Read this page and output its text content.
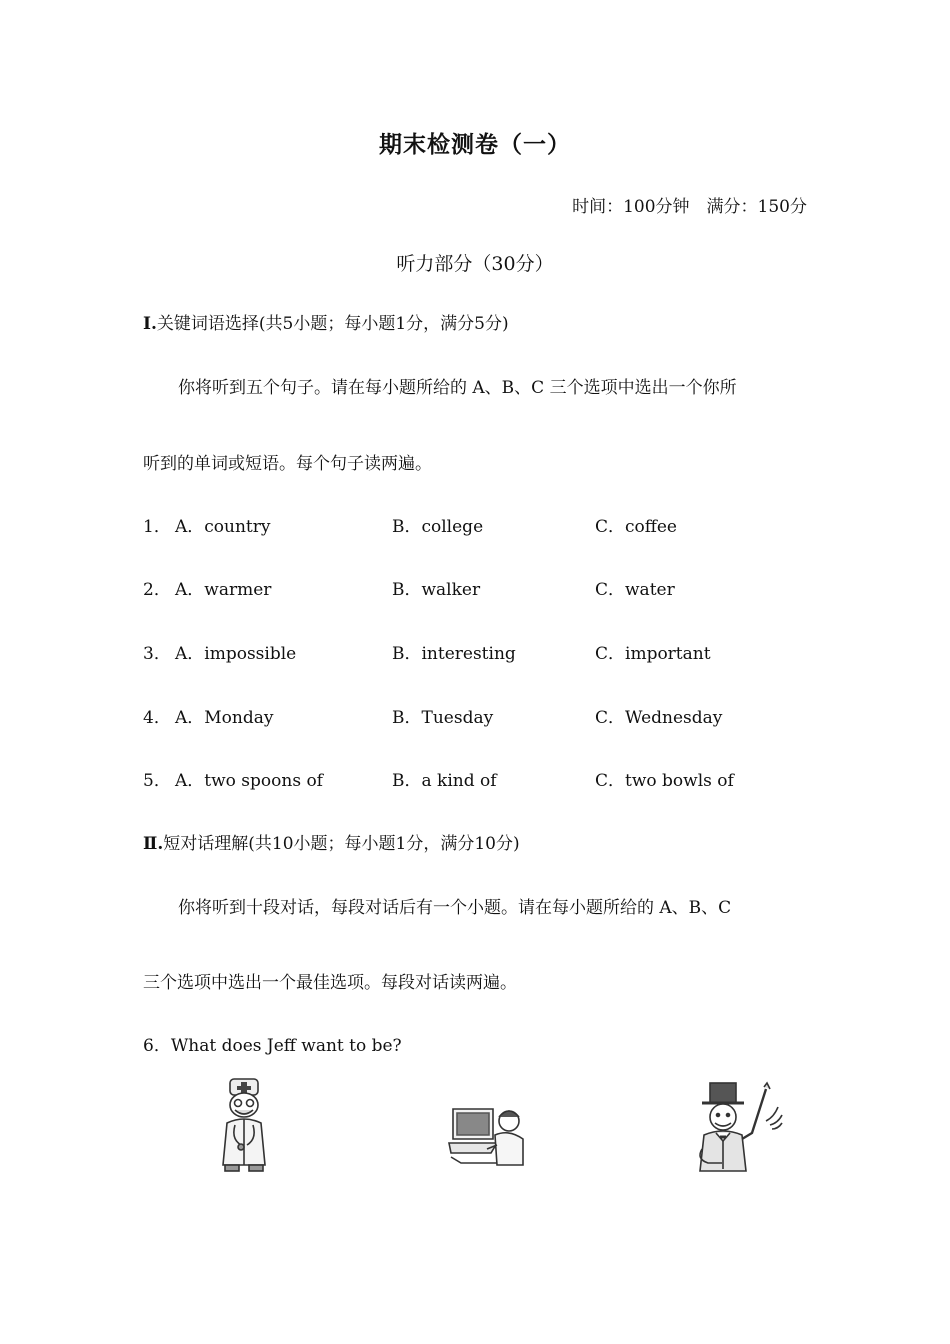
期末检测卷（一）
时间：100分钟　满分：150分
听力部分（30分）
Ⅰ.关键词语选择(共5小题；每小题1分，满分5分)
你将听到五个句子。请在每小题所给的 A、B、C 三个选项中选出一个你所
听到的单词或短语。每个句子读两遍。
1． A．country	B．college	C．coffee
2． A．warmer	B．walker	C．water
3． A．impossible	B．interesting	C．important
4． A．Monday	B．Tuesday	C．Wednesday
5． A．two spoons of	B．a kind of	C．two bowls of
Ⅱ.短对话理解(共10小题；每小题1分，满分10分)
你将听到十段对话，每段对话后有一个小题。请在每小题所给的 A、B、C
三个选项中选出一个最佳选项。每段对话读两遍。
6．What does Jeff want to be?
